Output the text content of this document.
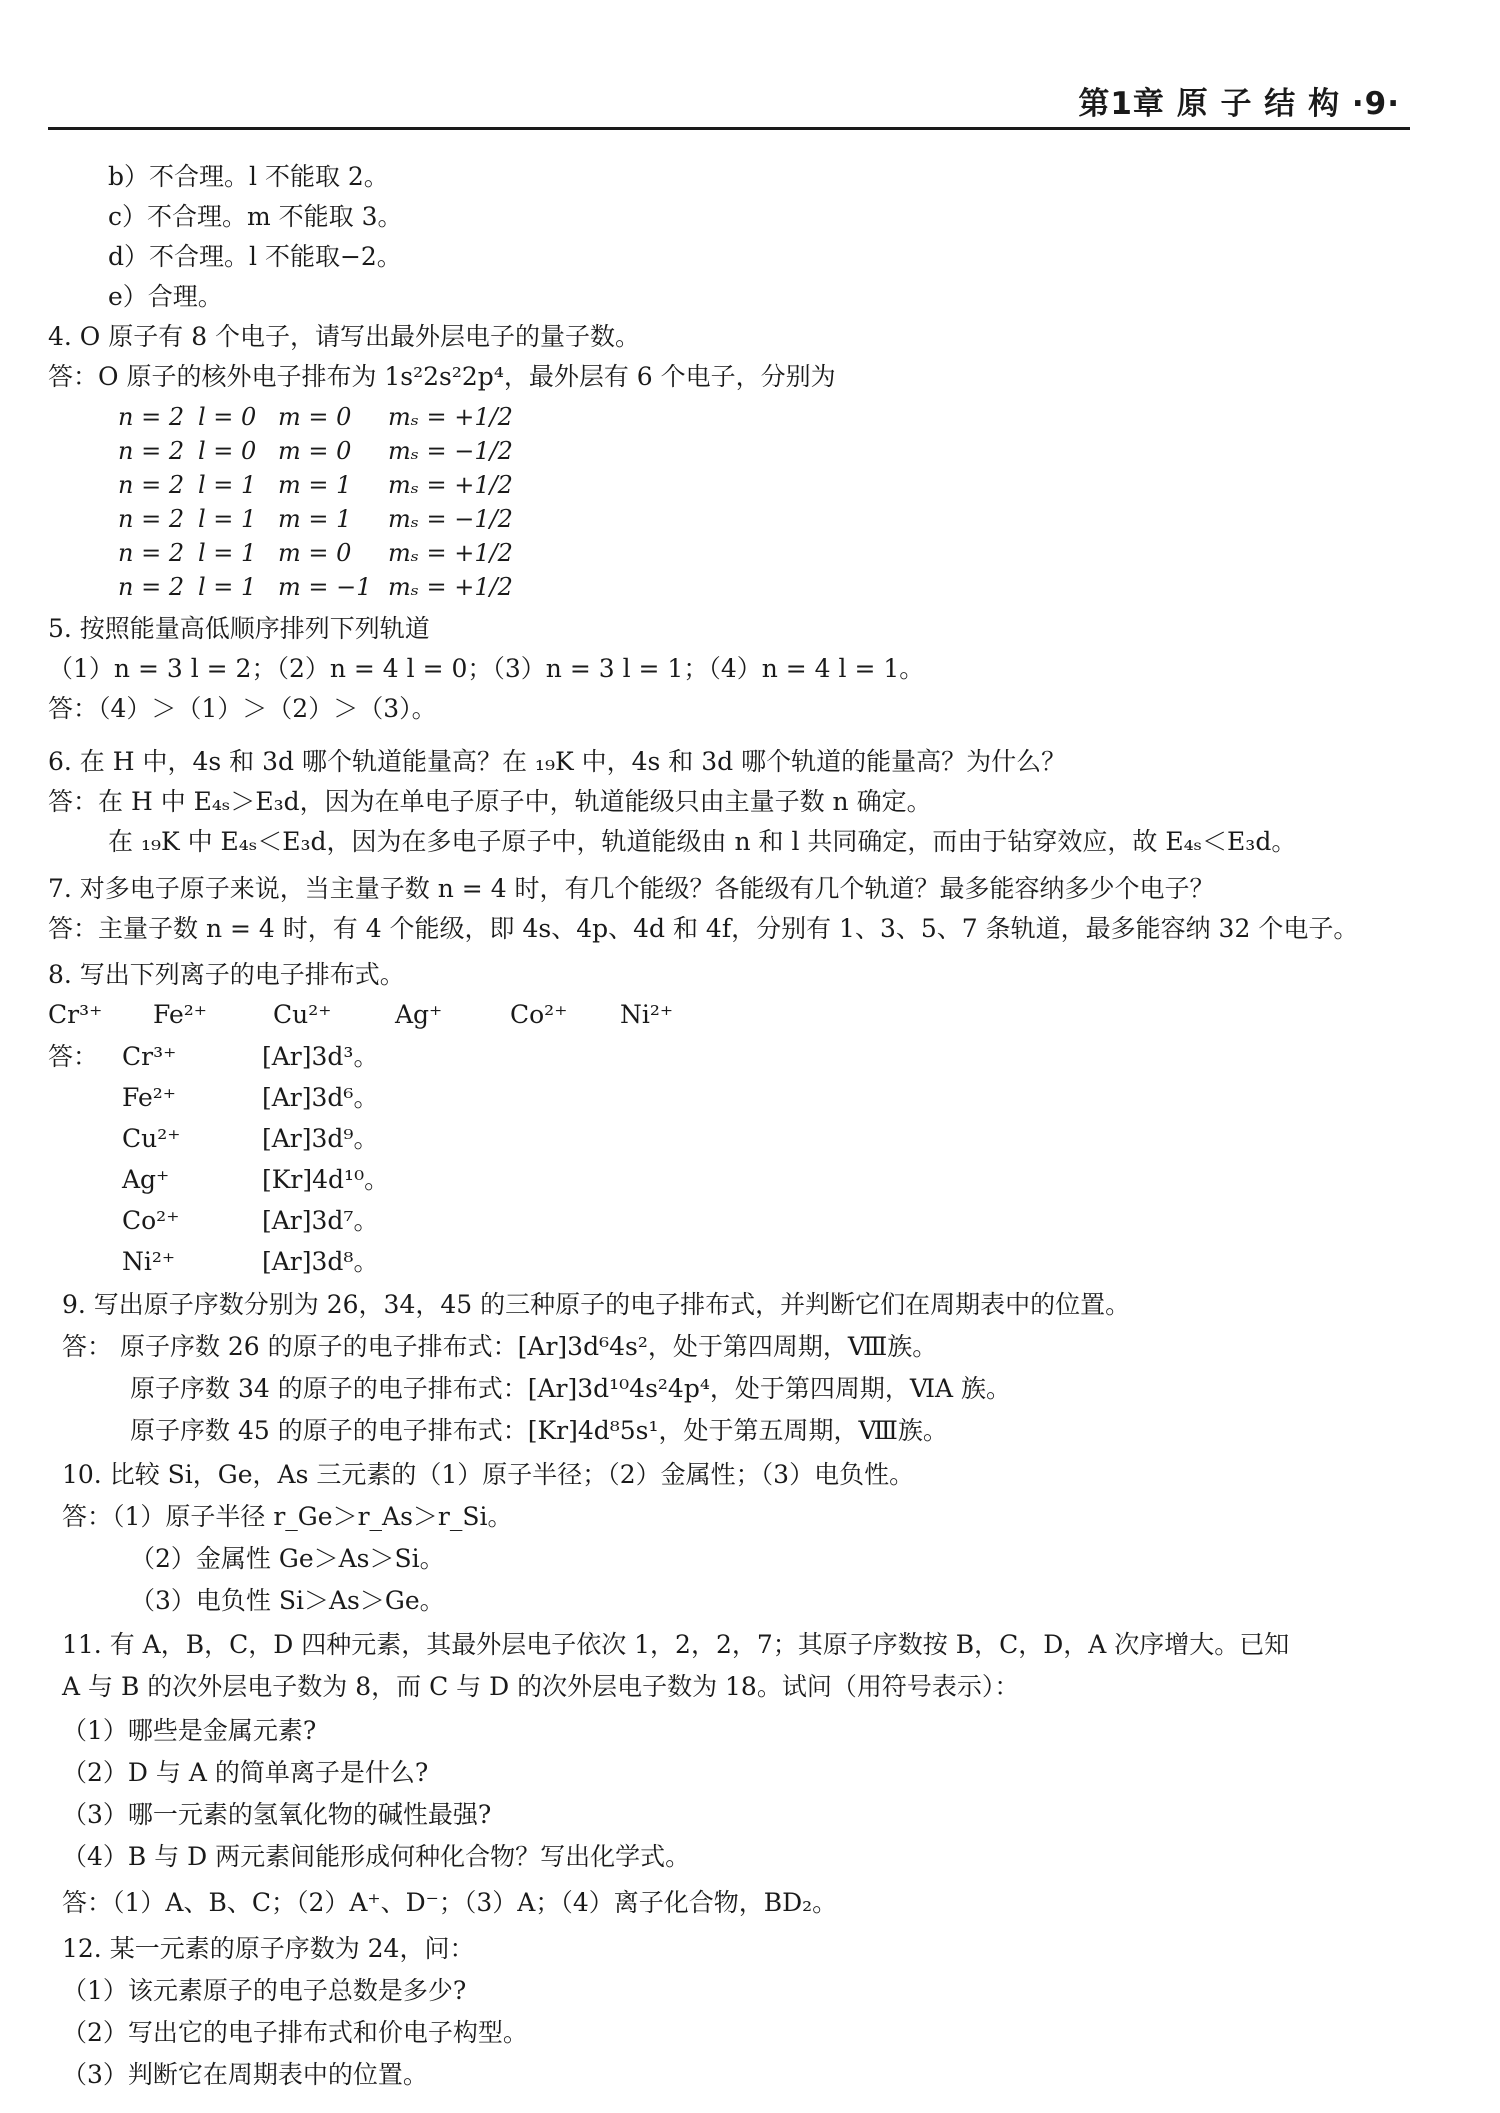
第1章 原 子 结 构 ·9·
b）不合理。l 不能取 2。
c）不合理。m 不能取 3。
d）不合理。l 不能取−2。
e）合理。
4. O 原子有 8 个电子，请写出最外层电子的量子数。
答：O 原子的核外电子排布为 1s²2s²2p⁴，最外层有 6 个电子，分别为
n = 2 l = 0 m = 0 mₛ = +1/2
n = 2 l = 0 m = 0 mₛ = −1/2
n = 2 l = 1 m = 1 mₛ = +1/2
n = 2 l = 1 m = 1 mₛ = −1/2
n = 2 l = 1 m = 0 mₛ = +1/2
n = 2 l = 1 m = −1 mₛ = +1/2
5. 按照能量高低顺序排列下列轨道
（1）n = 3 l = 2；（2）n = 4 l = 0；（3）n = 3 l = 1；（4）n = 4 l = 1。
答：（4）＞（1）＞（2）＞（3）。
6. 在 H 中，4s 和 3d 哪个轨道能量高？在 ₁₉K 中，4s 和 3d 哪个轨道的能量高？为什么？
答：在 H 中 E₄ₛ＞E₃d，因为在单电子原子中，轨道能级只由主量子数 n 确定。
在 ₁₉K 中 E₄ₛ＜E₃d，因为在多电子原子中，轨道能级由 n 和 l 共同确定，而由于钻穿效应，故 E₄ₛ＜E₃d。
7. 对多电子原子来说，当主量子数 n = 4 时，有几个能级？各能级有几个轨道？最多能容纳多少个电子？
答：主量子数 n = 4 时，有 4 个能级，即 4s、4p、4d 和 4f，分别有 1、3、5、7 条轨道，最多能容纳 32 个电子。
8. 写出下列离子的电子排布式。
Cr³⁺ Fe²⁺	Cu²⁺	Ag⁺	Co²⁺ Ni²⁺
答： Cr³⁺	[Ar]3d³。
Fe²⁺	[Ar]3d⁶。
Cu²⁺	[Ar]3d⁹。
Ag⁺	[Kr]4d¹⁰。
Co²⁺	[Ar]3d⁷。
Ni²⁺	[Ar]3d⁸。
9. 写出原子序数分别为 26，34，45 的三种原子的电子排布式，并判断它们在周期表中的位置。
答： 原子序数 26 的原子的电子排布式：[Ar]3d⁶4s²，处于第四周期，Ⅷ族。
原子序数 34 的原子的电子排布式：[Ar]3d¹⁰4s²4p⁴，处于第四周期，ⅥA 族。
原子序数 45 的原子的电子排布式：[Kr]4d⁸5s¹，处于第五周期，Ⅷ族。
10. 比较 Si，Ge，As 三元素的（1）原子半径；（2）金属性；（3）电负性。
答：（1）原子半径 r_Ge＞r_As＞r_Si。
（2）金属性 Ge＞As＞Si。
（3）电负性 Si＞As＞Ge。
11. 有 A，B，C，D 四种元素，其最外层电子依次 1，2，2，7；其原子序数按 B，C，D，A 次序增大。已知
A 与 B 的次外层电子数为 8，而 C 与 D 的次外层电子数为 18。试问（用符号表示）：
（1）哪些是金属元素?
（2）D 与 A 的简单离子是什么?
（3）哪一元素的氢氧化物的碱性最强?
（4）B 与 D 两元素间能形成何种化合物？写出化学式。
答：（1）A、B、C；（2）A⁺、D⁻；（3）A；（4）离子化合物，BD₂。
12. 某一元素的原子序数为 24，问：
（1）该元素原子的电子总数是多少?
（2）写出它的电子排布式和价电子构型。
（3）判断它在周期表中的位置。
